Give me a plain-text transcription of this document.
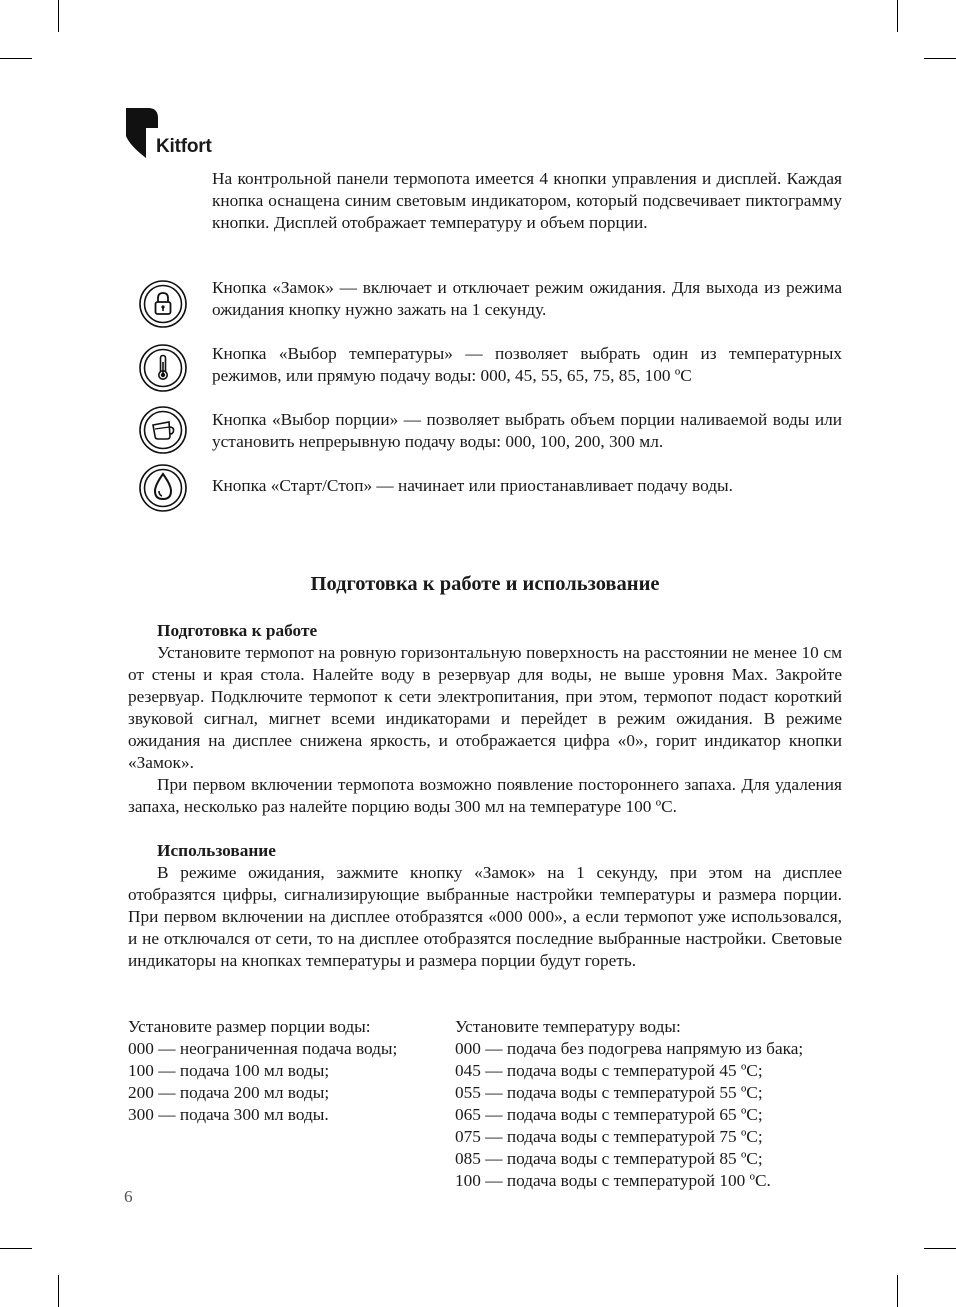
Kitfort

На контрольной панели термопота имеется 4 кнопки управления и дисплей. Каждая кнопка оснащена синим световым индикатором, который подсвечивает пиктограмму кнопки. Дисплей отображает температуру и объем порции.

Кнопка «Замок» — включает и отключает режим ожидания. Для выхода из режима ожидания кнопку нужно зажать на 1 секунду.

Кнопка «Выбор температуры» — позволяет выбрать один из температурных режимов, или прямую подачу воды: 000, 45, 55, 65, 75, 85, 100 ºС

Кнопка «Выбор порции» — позволяет выбрать объем порции наливаемой воды или установить непрерывную подачу воды: 000, 100, 200, 300 мл.

Кнопка «Старт/Стоп» — начинает или приостанавливает подачу воды.

Подготовка к работе и использование
Подготовка к работе

Установите термопот на ровную горизонтальную поверхность на расстоянии не менее 10 см от стены и края стола. Налейте воду в резервуар для воды, не выше уровня Max. Закройте резервуар. Подключите термопот к сети электропитания, при этом, термопот подаст короткий звуковой сигнал, мигнет всеми индикаторами и перейдет в режим ожидания. В режиме ожидания на дисплее снижена яркость, и отображается цифра «0», горит индикатор кнопки «Замок».

При первом включении термопота возможно появление постороннего запаха. Для удаления запаха, несколько раз налейте порцию воды 300 мл на температуре 100 ºС.

Использование

В режиме ожидания, зажмите кнопку «Замок» на 1 секунду, при этом на дисплее отобразятся цифры, сигнализирующие выбранные настройки температуры и размера порции. При первом включении на дисплее отобразятся «000 000», а если термопот уже использовался, и не отключался от сети, то на дисплее отобразятся последние выбранные настройки. Световые индикаторы на кнопках температуры и размера порции будут гореть.

Установите размер порции воды:
000 — неограниченная подача воды;
100 — подача 100 мл воды;
200 — подача 200 мл воды;
300 — подача 300 мл воды.
Установите температуру воды:
000 — подача без подогрева напрямую из бака;
045 — подача воды с температурой 45 ºС;
055 — подача воды с температурой 55 ºС;
065 — подача воды с температурой 65 ºС;
075 — подача воды с температурой 75 ºС;
085 — подача воды с температурой 85 ºС;
100 — подача воды с температурой 100 ºС.
6
